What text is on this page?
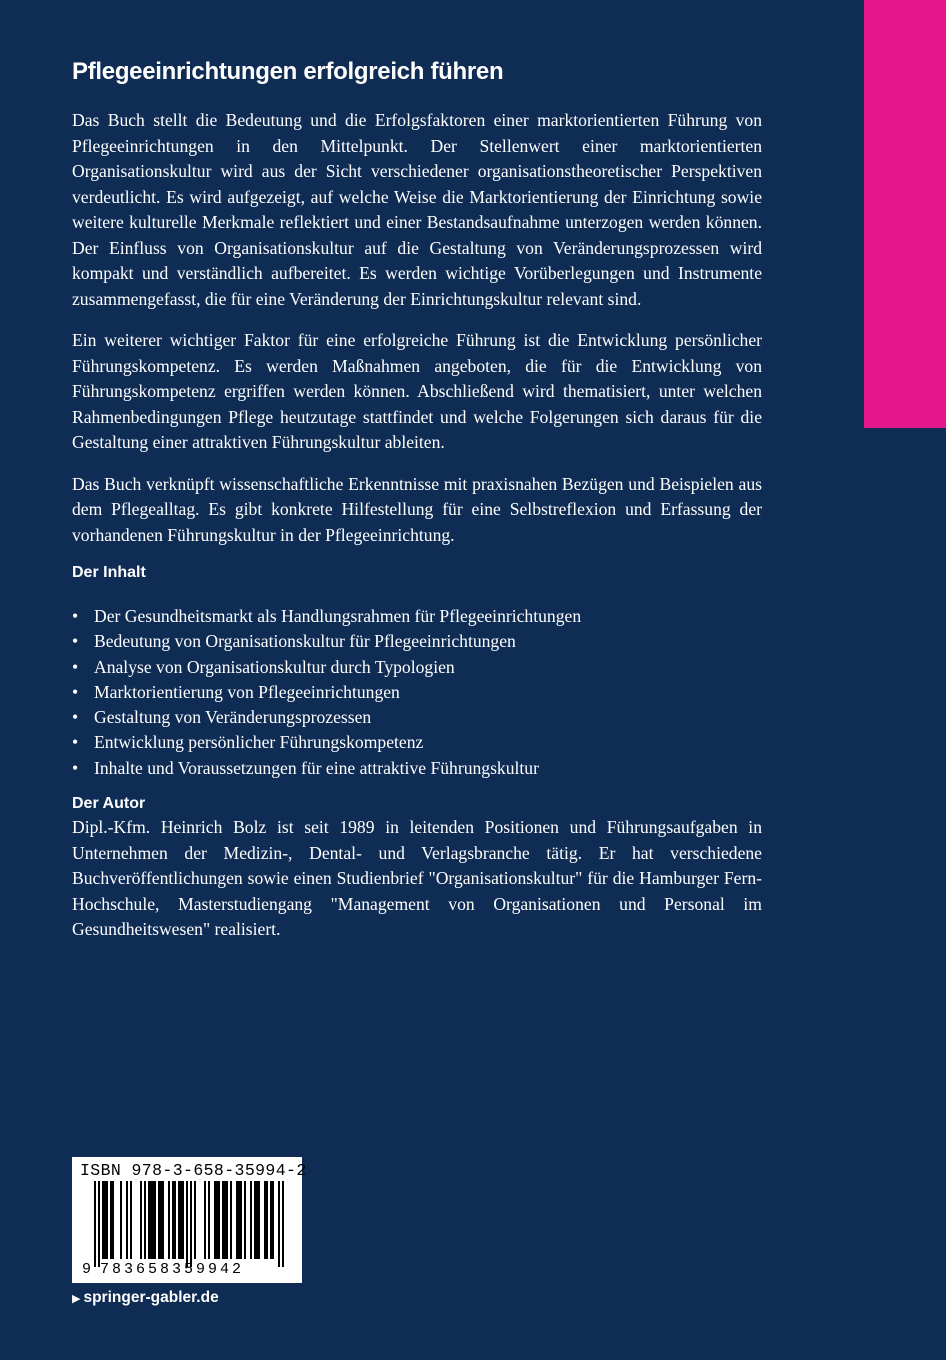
Pflegeeinrichtungen erfolgreich führen

Das Buch stellt die Bedeutung und die Erfolgsfaktoren einer marktorientierten Führung von Pflegeeinrichtungen in den Mittelpunkt. Der Stellenwert einer marktorientierten Organisationskultur wird aus der Sicht verschiedener organisationstheoretischer Perspektiven verdeutlicht. Es wird aufgezeigt, auf welche Weise die Marktorientierung der Einrichtung sowie weitere kulturelle Merkmale reflektiert und einer Bestandsaufnahme unterzogen werden können. Der Einfluss von Organisationskultur auf die Gestaltung von Veränderungsprozessen wird kompakt und verständlich aufbereitet. Es werden wichtige Vorüberlegungen und Instrumente zusammengefasst, die für eine Veränderung der Einrichtungskultur relevant sind.

Ein weiterer wichtiger Faktor für eine erfolgreiche Führung ist die Entwicklung persönlicher Führungskompetenz. Es werden Maßnahmen angeboten, die für die Entwicklung von Führungskompetenz ergriffen werden können. Abschließend wird thematisiert, unter welchen Rahmenbedingungen Pflege heutzutage stattfindet und welche Folgerungen sich daraus für die Gestaltung einer attraktiven Führungskultur ableiten.

Das Buch verknüpft wissenschaftliche Erkenntnisse mit praxisnahen Bezügen und Beispielen aus dem Pflegealltag. Es gibt konkrete Hilfestellung für eine Selbstreflexion und Erfassung der vorhandenen Führungskultur in der Pflegeeinrichtung.

Der Inhalt
• Der Gesundheitsmarkt als Handlungsrahmen für Pflegeeinrichtungen
• Bedeutung von Organisationskultur für Pflegeeinrichtungen
• Analyse von Organisationskultur durch Typologien
• Marktorientierung von Pflegeeinrichtungen
• Gestaltung von Veränderungsprozessen
• Entwicklung persönlicher Führungskompetenz
• Inhalte und Voraussetzungen für eine attraktive Führungskultur
Der Autor

Dipl.-Kfm. Heinrich Bolz ist seit 1989 in leitenden Positionen und Führungsaufgaben in Unternehmen der Medizin-, Dental- und Verlagsbranche tätig. Er hat verschiedene Buchveröffentlichungen sowie einen Studienbrief "Organisationskultur" für die Hamburger Fern-Hochschule, Masterstudiengang "Management von Organisationen und Personal im Gesundheitswesen" realisiert.

ISBN 978-3-658-35994-2
9 783658359942
▶ springer-gabler.de
